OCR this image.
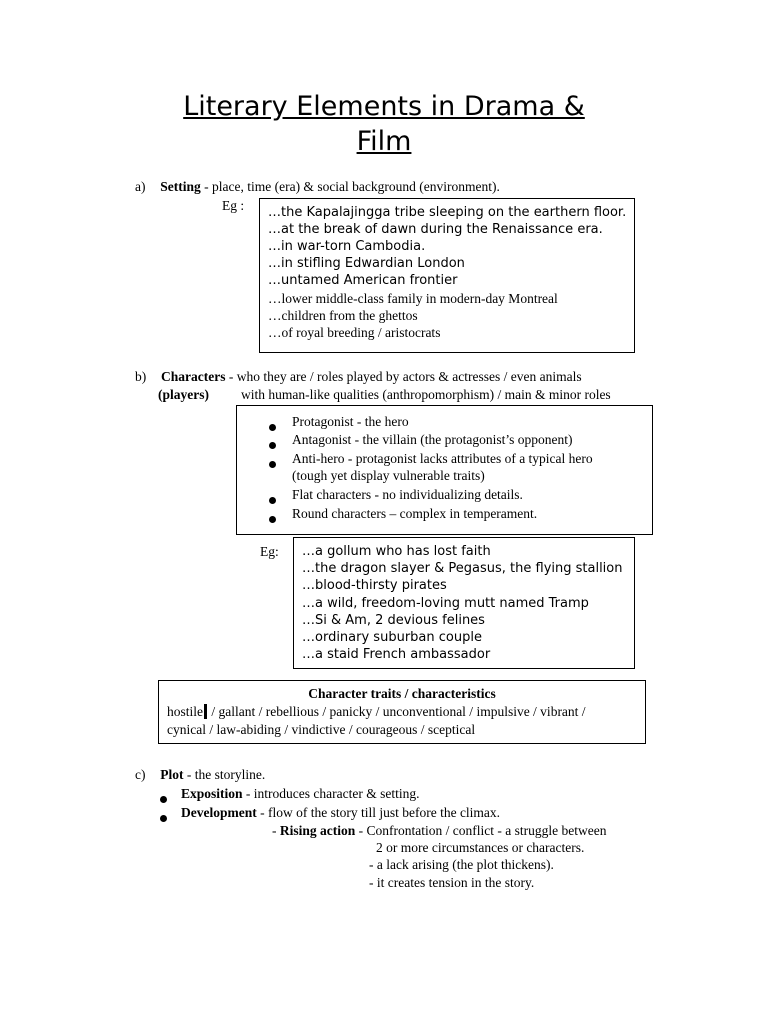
Literary Elements in Drama &
Film
a) Setting - place, time (era) & social background (environment).
Eg : …the Kapalajingga tribe sleeping on the earthern floor.
…at the break of dawn during the Renaissance era.
…in war-torn Cambodia.
…in stifling Edwardian London
…untamed American frontier
…lower middle-class family in modern-day Montreal
…children from the ghettos
…of royal breeding / aristocrats
b) Characters - who they are / roles played by actors & actresses / even animals
(players) with human-like qualities (anthropomorphism) / main & minor roles
Protagonist - the hero
Antagonist - the villain (the protagonist’s opponent)
Anti-hero - protagonist lacks attributes of a typical hero
(tough yet display vulnerable traits)
Flat characters - no individualizing details.
Round characters – complex in temperament.
Eg: …a gollum who has lost faith
…the dragon slayer & Pegasus, the flying stallion
…blood-thirsty pirates
…a wild, freedom-loving mutt named Tramp
…Si & Am, 2 devious felines
…ordinary suburban couple
…a staid French ambassador
Character traits / characteristics
hostile / gallant / rebellious / panicky / unconventional / impulsive / vibrant /
cynical / law-abiding / vindictive / courageous / sceptical
c) Plot - the storyline.
Exposition - introduces character & setting.
Development - flow of the story till just before the climax.
- Rising action - Confrontation / conflict - a struggle between
2 or more circumstances or characters.
- a lack arising (the plot thickens).
- it creates tension in the story.
